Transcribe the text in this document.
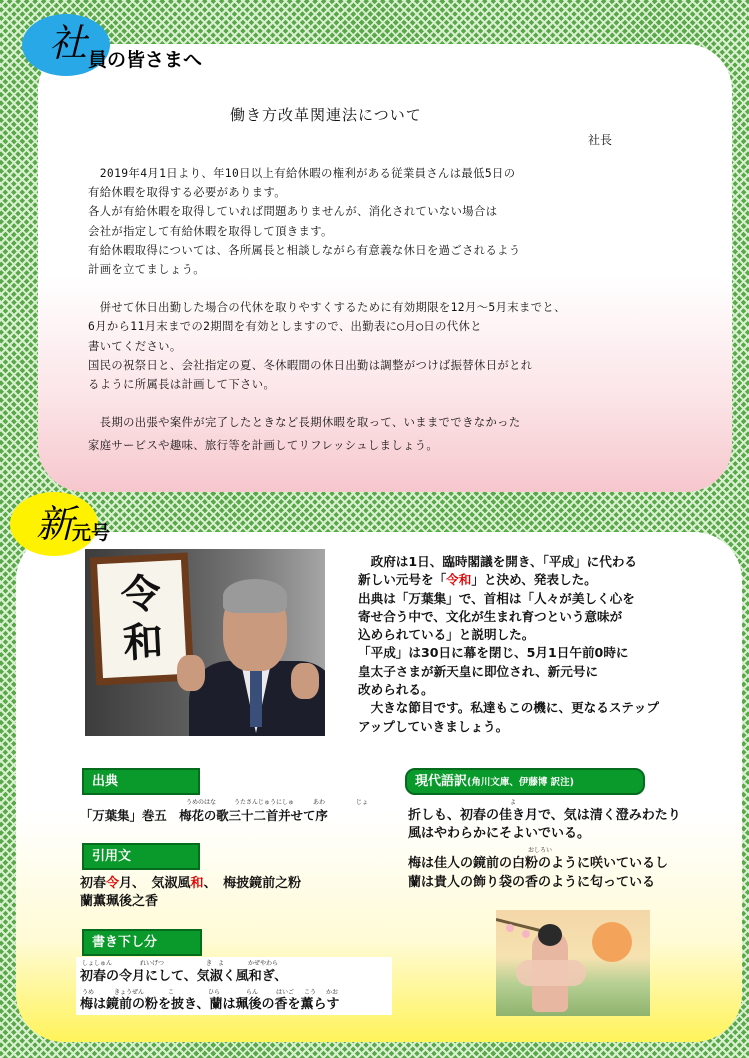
社 員の皆さまへ
働き方改革関連法について
社長
　2019年4月1日より、年10日以上有給休暇の権利がある従業員さんは最低5日の
有給休暇を取得する必要があります。
各人が有給休暇を取得していれば問題ありませんが、消化されていない場合は
会社が指定して有給休暇を取得して頂きます。
有給休暇取得については、各所属長と相談しながら有意義な休日を過ごされるよう
計画を立てましょう。
　併せて休日出勤した場合の代休を取りやすくするために有効期限を12月～5月末までと、
6月から11月末までの2期間を有効としますので、出勤表に◯月◯日の代休と
書いてください。
国民の祝祭日と、会社指定の夏、冬休暇間の休日出勤は調整がつけば振替休日がとれ
るように所属長は計画して下さい。
　長期の出張や案件が完了したときなど長期休暇を取って、いままでできなかった
家庭サービスや趣味、旅行等を計画してリフレッシュしましょう。
新
元号
令
和
　政府は1日、臨時閣議を開き、「平成」に代わる
新しい元号を「令和」と決め、発表した。
出典は「万葉集」で、首相は「人々が美しく心を
寄せ合う中で、文化が生まれ育つという意味が
込められている」と説明した。
「平成」は30日に幕を閉じ、5月1日午前0時に
皇太子さまが新天皇に即位され、新元号に
改められる。
　大きな節目です。私達もこの機に、更なるステップ
アップしていきましょう。
出典
うめのはな	うたさんじゅうにしゅ	あわ	じょ
「万葉集」巻五　梅花の歌三十二首并せて序
引用文
初春令月、　気淑風和、　梅披鏡前之粉
蘭薫珮後之香
書き下し分
しょしゅん	れいげつ	き　よ	かぜやわら
初春の令月にして、気淑く風和ぎ、
うめ	きょうぜん	こ	ひら	らん	はいご こう かお
梅は鏡前の粉を披き、蘭は珮後の香を薫らす
現代語訳(角川文庫、伊藤博 訳注)
よ
折しも、初春の佳き月で、気は清く澄みわたり
風はやわらかにそよいでいる。
おしろい
梅は佳人の鏡前の白粉のように咲いているし
蘭は貴人の飾り袋の香のように匂っている
